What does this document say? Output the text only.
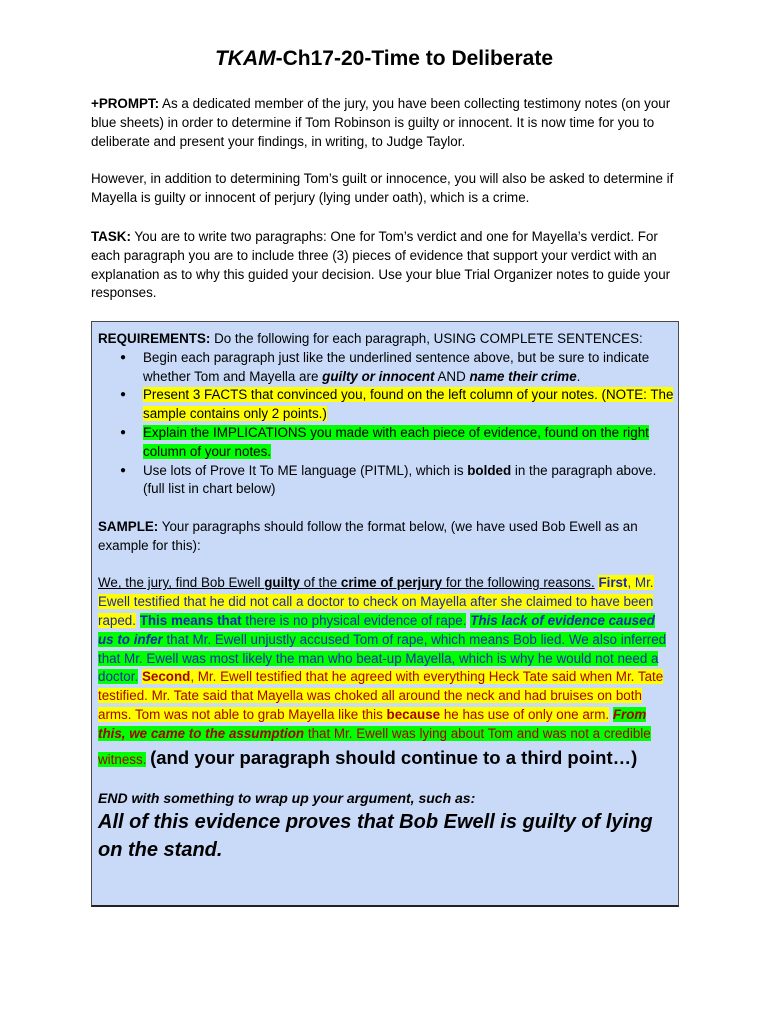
TKAM-Ch17-20-Time to Deliberate

+PROMPT: As a dedicated member of the jury, you have been collecting testimony notes (on your blue sheets) in order to determine if Tom Robinson is guilty or innocent. It is now time for you to deliberate and present your findings, in writing, to Judge Taylor.

However, in addition to determining Tom’s guilt or innocence, you will also be asked to determine if Mayella is guilty or innocent of perjury (lying under oath), which is a crime.

TASK: You are to write two paragraphs: One for Tom’s verdict and one for Mayella’s verdict. For each paragraph you are to include three (3) pieces of evidence that support your verdict with an explanation as to why this guided your decision. Use your blue Trial Organizer notes to guide your responses.

REQUIREMENTS: Do the following for each paragraph, USING COMPLETE SENTENCES:

● Begin each paragraph just like the underlined sentence above, but be sure to indicate whether Tom and Mayella are guilty or innocent AND name their crime.
● Present 3 FACTS that convinced you, found on the left column of your notes. (NOTE: The sample contains only 2 points.)
● Explain the IMPLICATIONS you made with each piece of evidence, found on the right column of your notes.
● Use lots of Prove It To ME language (PITML), which is bolded in the paragraph above. (full list in chart below)

SAMPLE: Your paragraphs should follow the format below, (we have used Bob Ewell as an example for this):

We, the jury, find Bob Ewell guilty of the crime of perjury for the following reasons. First, Mr. Ewell testified that he did not call a doctor to check on Mayella after she claimed to have been raped. This means that there is no physical evidence of rape. This lack of evidence caused us to infer that Mr. Ewell unjustly accused Tom of rape, which means Bob lied. We also inferred that Mr. Ewell was most likely the man who beat-up Mayella, which is why he would not need a doctor. Second, Mr. Ewell testified that he agreed with everything Heck Tate said when Mr. Tate testified. Mr. Tate said that Mayella was choked all around the neck and had bruises on both arms. Tom was not able to grab Mayella like this because he has use of only one arm. From this, we came to the assumption that Mr. Ewell was lying about Tom and was not a credible witness. (and your paragraph should continue to a third point…)

END with something to wrap up your argument, such as:

All of this evidence proves that Bob Ewell is guilty of lying on the stand.
